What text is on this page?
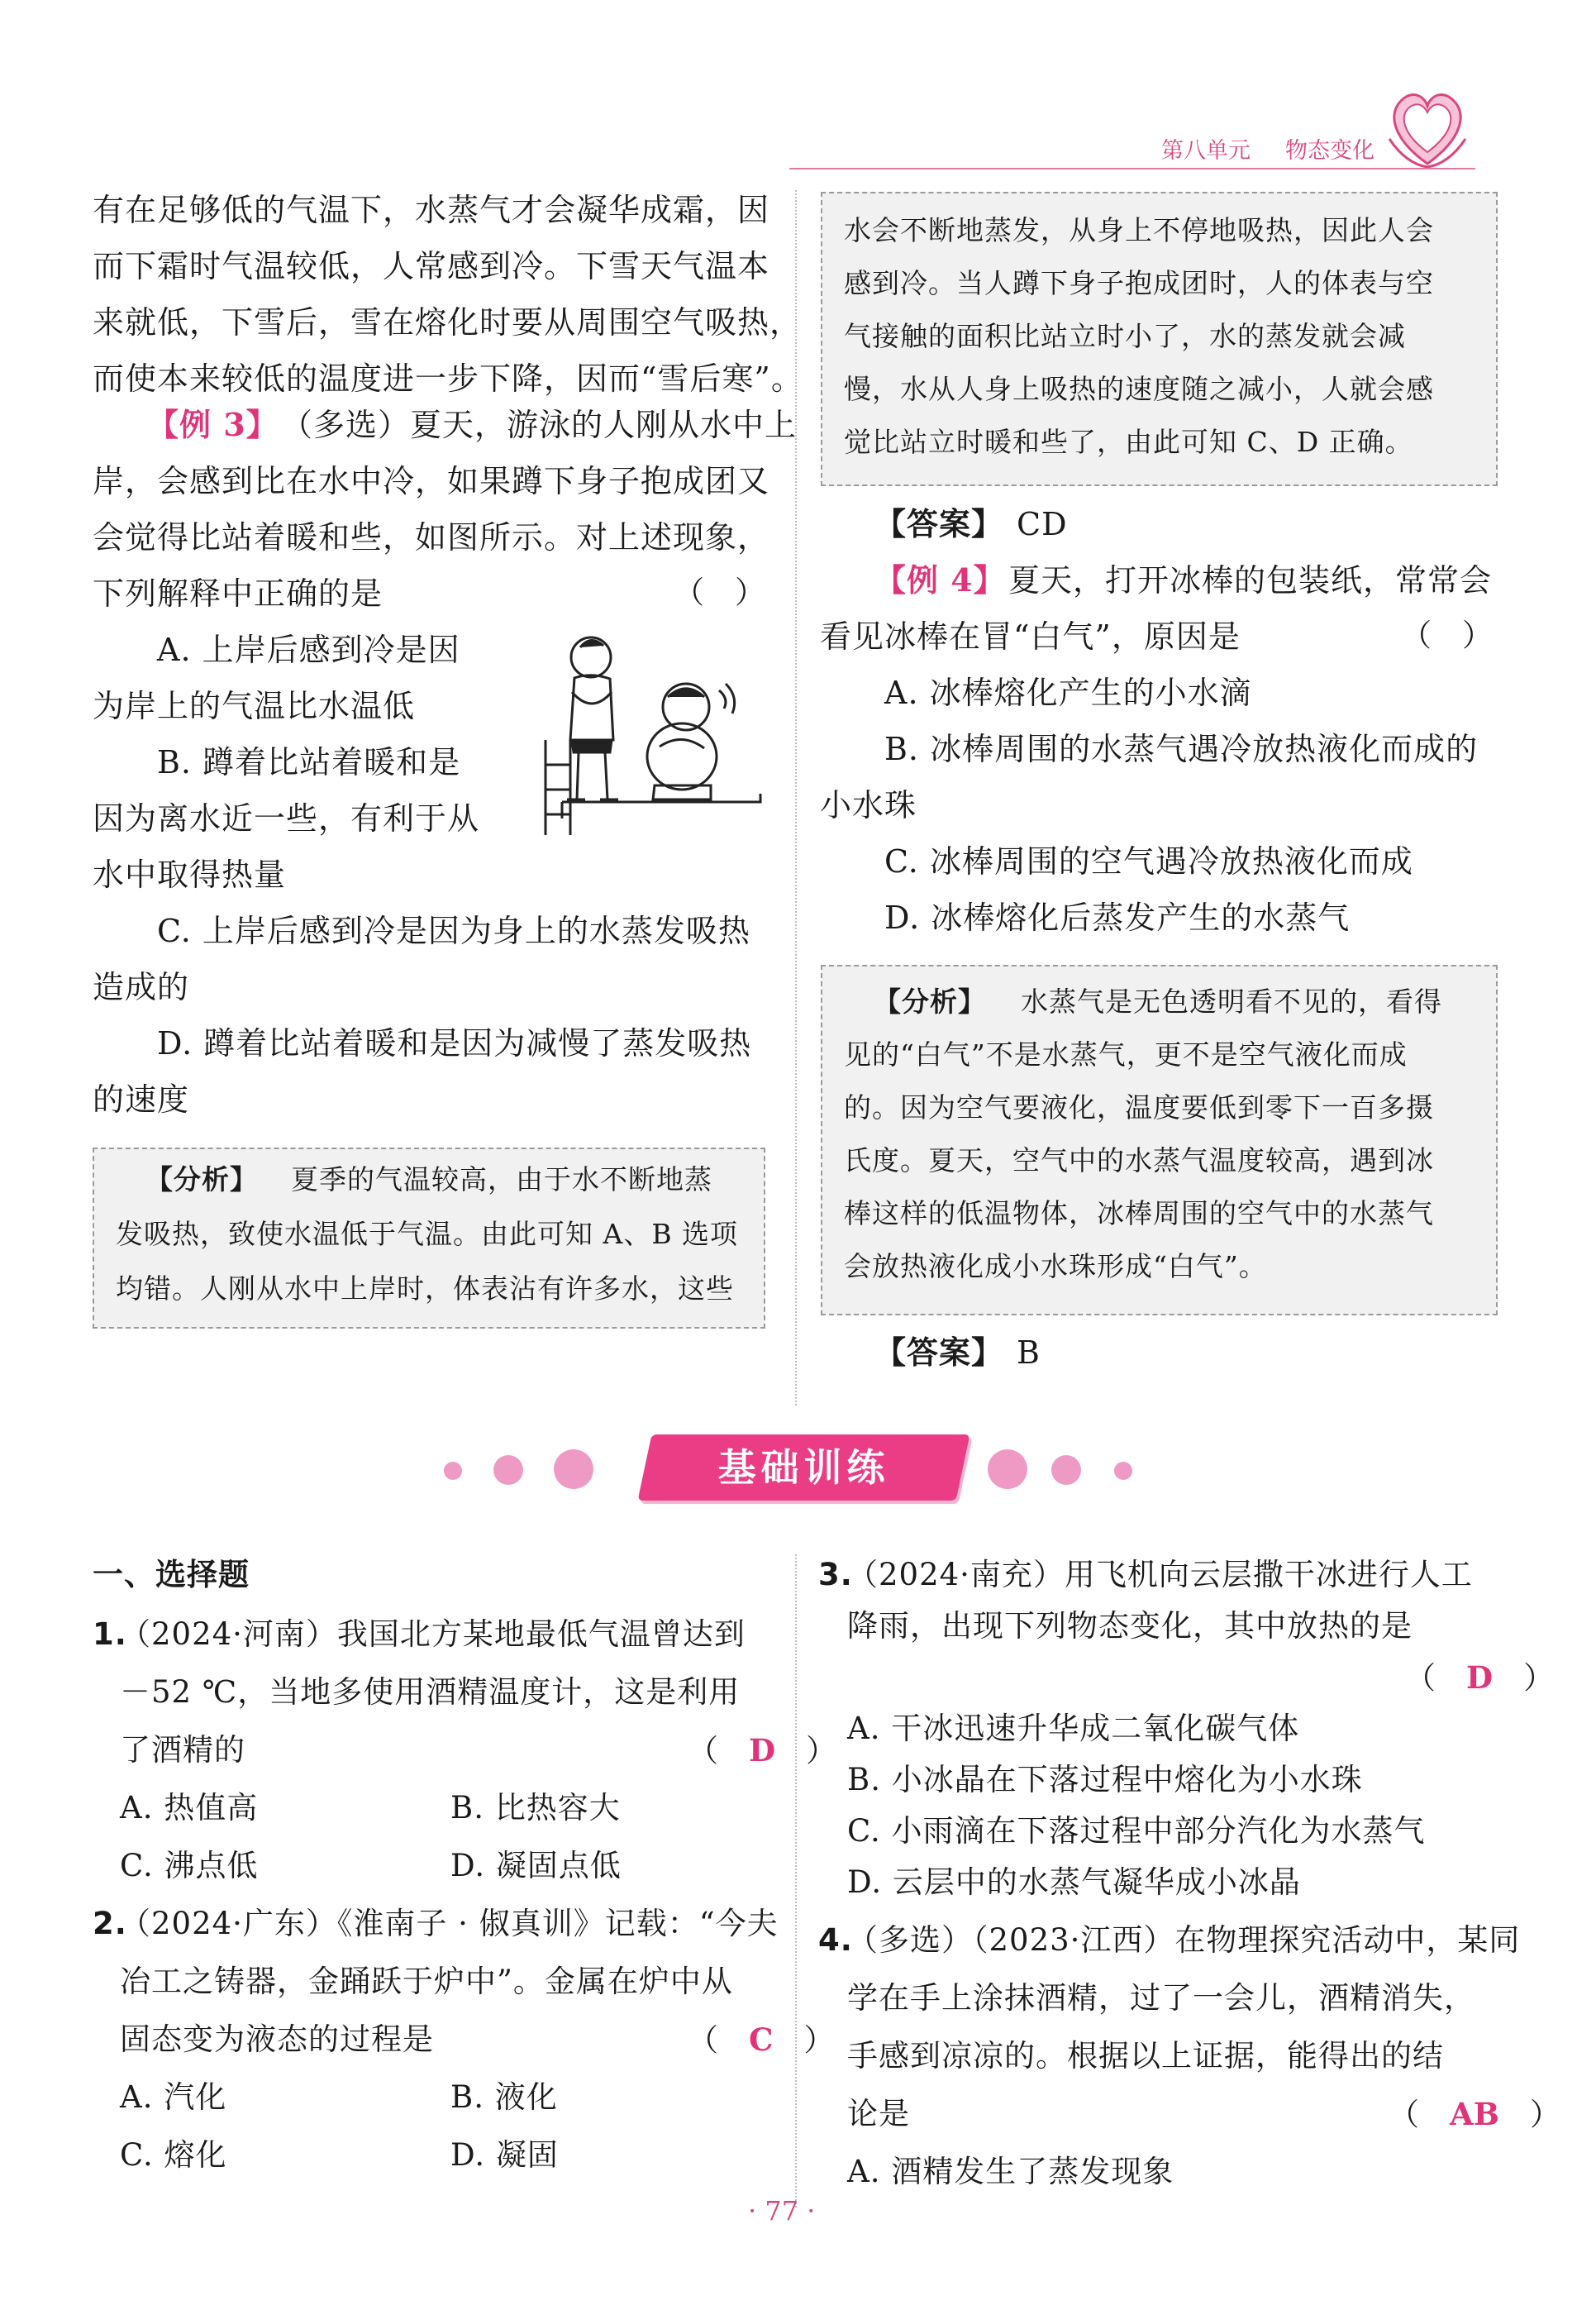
第八单元 物态变化
有在足够低的气温下，水蒸气才会凝华成霜，因
而下霜时气温较低，人常感到冷。下雪天气温本
来就低，下雪后，雪在熔化时要从周围空气吸热，
而使本来较低的温度进一步下降，因而“雪后寒”。
【例 3】 （多选）夏天，游泳的人刚从水中上
岸，会感到比在水中冷，如果蹲下身子抱成团又
会觉得比站着暖和些，如图所示。对上述现象，
下列解释中正确的是	（　）
A. 上岸后感到冷是因
为岸上的气温比水温低
B. 蹲着比站着暖和是
因为离水近一些，有利于从
水中取得热量
C. 上岸后感到冷是因为身上的水蒸发吸热
造成的
D. 蹲着比站着暖和是因为减慢了蒸发吸热
的速度
【分析】 夏季的气温较高，由于水不断地蒸
发吸热，致使水温低于气温。由此可知 A、B 选项
均错。人刚从水中上岸时，体表沾有许多水，这些
水会不断地蒸发，从身上不停地吸热，因此人会
感到冷。当人蹲下身子抱成团时，人的体表与空
气接触的面积比站立时小了，水的蒸发就会减
慢，水从人身上吸热的速度随之减小，人就会感
觉比站立时暖和些了，由此可知 C、D 正确。
【答案】 CD
【例 4】 夏天，打开冰棒的包装纸，常常会
看见冰棒在冒“白气”，原因是	（　）
A. 冰棒熔化产生的小水滴
B. 冰棒周围的水蒸气遇冷放热液化而成的
小水珠
C. 冰棒周围的空气遇冷放热液化而成
D. 冰棒熔化后蒸发产生的水蒸气
【分析】 水蒸气是无色透明看不见的，看得
见的“白气”不是水蒸气，更不是空气液化而成
的。因为空气要液化，温度要低到零下一百多摄
氏度。夏天，空气中的水蒸气温度较高，遇到冰
棒这样的低温物体，冰棒周围的空气中的水蒸气
会放热液化成小水珠形成“白气”。
【答案】 B
基础训练
一、选择题
1.
（2024·河南）我国北方某地最低气温曾达到
－52 ℃，当地多使用酒精温度计，这是利用
了酒精的	（　D　）
A. 热值高	B. 比热容大
C. 沸点低	D. 凝固点低
2.
（2024·广东）《淮南子 · 俶真训》记载：“今夫
冶工之铸器，金踊跃于炉中”。金属在炉中从
固态变为液态的过程是	（　C　）
A. 汽化	B. 液化
C. 熔化	D. 凝固
3.
（2024·南充）用飞机向云层撒干冰进行人工
降雨，出现下列物态变化，其中放热的是
（　D　）
A. 干冰迅速升华成二氧化碳气体
B. 小冰晶在下落过程中熔化为小水珠
C. 小雨滴在下落过程中部分汽化为水蒸气
D. 云层中的水蒸气凝华成小冰晶
4.
（多选）（2023·江西）在物理探究活动中，某同
学在手上涂抹酒精，过了一会儿，酒精消失，
手感到凉凉的。根据以上证据，能得出的结
论是	（　AB　）
A. 酒精发生了蒸发现象
· 77 ·
